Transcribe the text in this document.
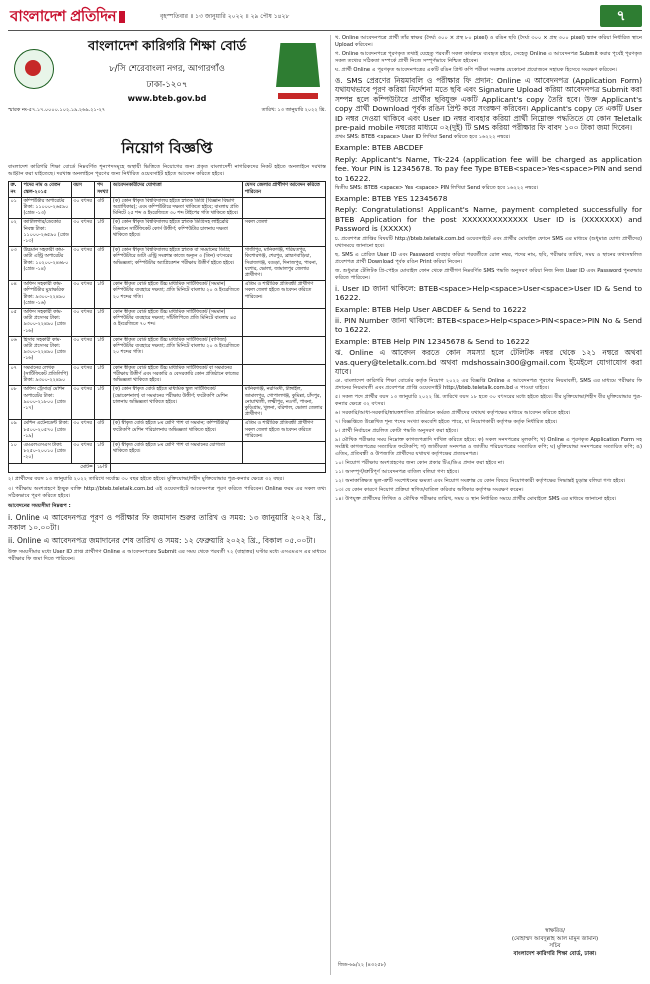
বাংলাদেশ প্রতিদিন	বৃহস্পতিবার ॥ ১৩ জানুয়ারি ২০২২ ॥ ২৯ পৌষ ১৪২৮	৭
বাংলাদেশ কারিগরি শিক্ষা বোর্ড
৮/সি শেরেবাংলা নগর, আগারগাঁও
ঢাকা-১২০৭
www.bteb.gov.bd
স্মারক নং-৫৭.১৭.০০০০.১০২.১৯.২৬৯.২১-২৭	তারিখ: ১৩ জানুয়ারি ২০২২ খ্রি.
নিয়োগ বিজ্ঞপ্তি
বাংলাদেশ কারিগরি শিক্ষা বোর্ডে নিম্নবর্ণিত শূন্যপদসমূহে অস্থায়ী ভিত্তিতে নিয়োগের জন্য প্রকৃত বাংলাদেশী নাগরিকদের নিকট হইতে অনলাইনে দরখাস্ত আহ্বান করা যাইতেছে। দরখাস্ত অনলাইনে পূরণের জন্য নির্ধারিত ওয়েবসাইট হইতে আবেদন করিতে হইবে।
ক্র. নং	পদের নাম ও বেতন স্কেল-২০১৫	বয়স	পদ সংখ্যা	আবেদনকারীদের যোগ্যতা	যেসব জেলার প্রার্থীগণ আবেদন করিতে পারিবেন
০১	কম্পিউটার অপারেটর টাকা: ১১০০০-২৬৫৯০ (গ্রেড -১৩)	৩০ বৎসর	৩টি	(ক) কোন স্বীকৃত বিশ্ববিদ্যালয় হইতে স্নাতক ডিগ্রি (বিজ্ঞান বিভাগ অগ্রাধিকার); এবং কম্পিউটারে দক্ষতা থাকিতে হইবে; বাংলায় প্রতি মিনিটে ২৫ শব্দ ও ইংরেজিতে ৩০ শব্দ টাইপের গতি থাকিতে হইবে।	
০২	ক্যাটালগার/ডেকোর নিবন্ধ টাকা: ১১০০০-২৬৫৯০ (গ্রেড -১৩)	৩০ বৎসর	১টি	(ক) কোন স্বীকৃত বিশ্ববিদ্যালয় হইতে স্নাতক ডিগ্রিসহ লাইব্রেরি বিজ্ঞানে সার্টিফিকেট কোর্স উত্তীর্ণ; কম্পিউটার চালনায় দক্ষতা থাকিতে হইবে।	সকল জেলা
০৩	উচ্চমান সহকারী কাম-ডাটা এন্ট্রি অপারেটর টাকা: ১০২০০-২৪৬৮০ (গ্রেড -১৪)	৩০ বৎসর	৩টি	(ক) কোন স্বীকৃত বিশ্ববিদ্যালয় হইতে স্নাতক বা সমমানের ডিগ্রি; কম্পিউটারে ডাটা এন্ট্রি সংক্রান্ত কাজে অন্যূন ৩ (তিন) বৎসরের অভিজ্ঞতা; কম্পিউটার অ্যাপ্লিকেশন পরীক্ষায় উত্তীর্ণ হইতে হইবে।	গাজীপুর, মানিকগঞ্জ, শরিয়তপুর, কিশোরগঞ্জ, শেরপুর, ব্রাহ্মণবাড়িয়া, সিরাজগঞ্জ, বগুড়া, দিনাজপুর, পাবনা, যশোর, ভোলা, জামালপুর জেলার প্রার্থীগণ।
০৪	অফিস সহকারী কাম-কম্পিউটার মুদ্রাক্ষরিক টাকা: ৯৩০০-২২৪৯০ (গ্রেড -১৬)	৩০ বৎসর	১টি	কোন স্বীকৃত বোর্ড হইতে উচ্চ মাধ্যমিক সার্টিফিকেট (সমমান) কম্পিউটার ব্যবহারে দক্ষতা; প্রতি মিনিটে বাংলায় ২০ ও ইংরেজিতে ২০ শব্দের গতি।	এতিম ও শারীরিক প্রতিবন্ধী প্রার্থীগণ সকল জেলা হইতে আবেদন করিতে পারিবেন।
০৫	অফিস সহকারী কাম-ডাটা প্রসেসর টাকা: ৯৩০০-২২৪৯০ (গ্রেড -১৬)	৩০ বৎসর	১টি	কোন স্বীকৃত বোর্ড হইতে উচ্চ মাধ্যমিক সার্টিফিকেট (সমমান) কম্পিউটার ব্যবহারে দক্ষতা; সাঁটলিপিতে প্রতি মিনিটে বাংলায় ৪৫ ও ইংরেজিতে ৭০ শব্দ।	
০৬	হিসাব সহকারী কাম-ডাটা প্রসেসর টাকা: ৯৩০০-২২৪৯০ (গ্রেড -১৬)	৩০ বৎসর	১টি	কোন স্বীকৃত বোর্ড হইতে উচ্চ মাধ্যমিক সার্টিফিকেট (বাণিজ্য) কম্পিউটার ব্যবহারে দক্ষতা; প্রতি মিনিটে বাংলায় ২০ ও ইংরেজিতে ২০ শব্দের গতি।	
০৭	সমমানের লেখক (সার্টিফিকেট প্রতিলিপি) টাকা: ৯৩০০-২২৪৯০	৩০ বৎসর	১টি	কোন স্বীকৃত বোর্ড হইতে উচ্চ মাধ্যমিক সার্টিফিকেট বা সমমানের পরীক্ষায় উত্তীর্ণ এবং সরকারি ও বেসরকারি কোন প্রতিষ্ঠানে কাজের অভিজ্ঞতা থাকিতে হইবে।	
০৮	অফিস ট্রেসার/ মেশিন অপারেটর টাকা: ৯০০০-২১৮০০ (গ্রেড -১৭)	৩০ বৎসর	১টি	(ক) কোন স্বীকৃত বোর্ড হইতে মাধ্যমিক স্কুল সার্টিফিকেট (ভোকেশনাল) বা সমমানের পরীক্ষায় উত্তীর্ণ; ফটোকপি মেশিন চালনায় অভিজ্ঞতা থাকিতে হইবে।	মানিকগঞ্জ, নরসিংদী, টাঙ্গাইল, জামালপুর, গোপালগঞ্জ, কুমিল্লা, চাঁদপুর, নোয়াখালী, লক্ষ্মীপুর, নওগাঁ, পাবনা, কুড়িগ্রাম, খুলনা, বরিশাল, ভোলা জেলার প্রার্থীগণ।
০৯	মেশিন এটেনডেন্ট টাকা: ৮৫০০-২০৫৭০ (গ্রেড -১৯)	৩০ বৎসর	৩টি	(ক) স্বীকৃত বোর্ড হইতে ৮ম শ্রেণি পাশ বা সমমান; কম্পিউটার/ফটোকপি মেশিন পরিচালনায় অভিজ্ঞতা থাকিতে হইবে।	এতিম ও শারীরিক প্রতিবন্ধী প্রার্থীগণ সকল জেলা হইতে আবেদন করিতে পারিবেন।
১০	এমএলএসএস টাকা: ৮২৫০-২০০১০ (গ্রেড -২০)	৩০ বৎসর	১টি	(ক) স্বীকৃত বোর্ড হইতে ৮ম শ্রেণি পাশ বা সমমানের যোগ্যতা থাকিতে হইবে।	
মোট=			১৮টি		
২। প্রার্থীদের বয়স ১৩ জানুয়ারি ২০২২ তারিখে সর্বোচ্চ ৩০ বছর হইতে হইবে। মুক্তিযোদ্ধা/শহীদ মুক্তিযোদ্ধার পুত্র-কন্যার ক্ষেত্রে ৩২ বছর।
৩। পরীক্ষায় অংশগ্রহণে ইচ্ছুক ব্যক্তি http://bteb.teletalk.com.bd এই ওয়েবসাইটে আবেদনপত্র পূরণ করিতে পারিবেন। Online ফরম এর সকল তথ্য সঠিকভাবে পূরণ করিতে হইবে।
আবেদনের সময়সীমা নিম্নরূপ :
i. Online এ আবেদনপত্র পূরণ ও পরীক্ষার ফি জমাদান শুরুর তারিখ ও সময়: ১৩ জানুয়ারি ২০২২ খ্রি., সকাল ১০.০০টা।
ii. Online এ আবেদনপত্র জমাদানের শেষ তারিখ ও সময়: ১২ ফেব্রুয়ারি ২০২২ খ্রি., বিকাল ০৫.০০টা।
উক্ত সময়সীমার মধ্যে User ID প্রাপ্ত প্রার্থীগণ Online এ আবেদনপত্রের Submit এর সময় থেকে পরবর্তী ৭২ (বাহাত্তর) ঘণ্টার মধ্যে এসএমএস এর মাধ্যমে পরীক্ষার ফি জমা দিতে পারিবেন।
খ. Online আবেদনপত্রে প্রার্থী তাঁর স্বাক্ষর (দৈর্ঘ্য ৩০০ × প্রস্থ ৮০ pixel) ও রঙিন ছবি (দৈর্ঘ্য ৩০০ × প্রস্থ ৩০০ pixel) স্ক্যান করিয়া নির্ধারিত স্থানে Upload করিবেন।
গ. Online আবেদনপত্রে পূরণকৃত তথ্যই যেহেতু পরবর্তী সকল কার্যক্রমে ব্যবহৃত হইবে, সেহেতু Online এ আবেদনপত্র Submit করার পূর্বেই পূরণকৃত সকল তথ্যের সঠিকতা সম্পর্কে প্রার্থী নিজে সম্পূর্ণভাবে নিশ্চিত হইবেন।
ঘ. প্রার্থী Online এ পূরণকৃত আবেদনপত্রের একটি রঙিন প্রিন্ট কপি পরীক্ষা সংক্রান্ত যেকোনো প্রয়োজনে সহায়ক হিসেবে সংরক্ষণ করিবেন।
ঙ. SMS প্রেরণের নিয়মাবলি ও পরীক্ষার ফি প্রদান: Online এ আবেদনপত্র (Application Form) যথাযথভাবে পূরণ করিয়া নির্দেশনা মতে ছবি এবং Signature Upload করিয়া আবেদনপত্র Submit করা সম্পন্ন হলে কম্পিউটারে প্রার্থীর ছবিযুক্ত একটি Applicant's copy তৈরি হবে। উক্ত Applicant's copy প্রার্থী Download পূর্বক রঙিন প্রিন্ট করে সংরক্ষণ করিবেন। Applicant's copy তে একটি User ID নম্বর দেওয়া থাকিবে এবং User ID নম্বর ব্যবহার করিয়া প্রার্থী নিম্নোক্ত পদ্ধতিতে যে কোন Teletalk pre-paid mobile নম্বরের মাধ্যমে ০২(দুই) টি SMS করিয়া পরীক্ষার ফি বাবদ ১০০ টাকা জমা দিবেন।
প্রথম SMS: BTEB <space> User ID লিখিয়া Send করিতে হবে ১৬২২২ নম্বরে।
Example: BTEB ABCDEF
Reply: Applicant's Name, Tk-224 (application fee will be charged as application fee. Your PIN is 12345678. To pay fee Type BTEB<space>Yes<space>PIN and send to 16222.
দ্বিতীয় SMS: BTEB <space> Yes <space> PIN লিখিয়া Send করিতে হবে ১৬২২২ নম্বরে।
Example: BTEB YES 12345678
Reply: Congratulations! Applicant's Name, payment completed successfully for BTEB Application for the post XXXXXXXXXXXXX User ID is (XXXXXXX) and Password is (XXXXX)
চ. প্রবেশপত্র প্রাপ্তির বিষয়টি http://bteb.teletalk.com.bd ওয়েবসাইটে এবং প্রার্থীর মোবাইল ফোনে SMS এর মাধ্যমে (শুধুমাত্র যোগ্য প্রার্থীদের) যথাসময়ে জানানো হবে।
ছ. SMS এ প্রেরিত User ID এবং Password ব্যবহার করিয়া পরবর্তীতে রোল নম্বর, পদের নাম, ছবি, পরীক্ষার তারিখ, সময় ও স্থানের তথ্যসম্বলিত প্রবেশপত্র প্রার্থী Download পূর্বক রঙিন Print করিয়া নিবেন।
জ. শুধুমাত্র টেলিটক প্রি-পেইড মোবাইল ফোন থেকে প্রার্থীগণ নিম্নবর্ণিত SMS পদ্ধতি অনুসরণ করিয়া নিজ নিজ User ID এবং Password পুনরুদ্ধার করিতে পারিবেন।
i. User ID জানা থাকিলে: BTEB<space>Help<space>User<space>User ID & Send to 16222.
Example: BTEB Help User ABCDEF & Send to 16222
ii. PIN Number জানা থাকিলে: BTEB<space>Help<space>PIN<space>PIN No & Send to 16222.
Example: BTEB Help PIN 12345678 & Send to 16222
ঝ. Online এ আবেদন করতে কোন সমস্যা হলে টেলিটক নম্বর থেকে ১২১ নম্বরে অথবা vas.query@teletalk.com.bd অথবা mdshossain300@gmail.com ইমেইলে যোগাযোগ করা যাবে।
ঞ. বাংলাদেশ কারিগরি শিক্ষা বোর্ডের কর্তৃক নিয়োগ ২০২২ এর বিজ্ঞপ্তি Online এ আবেদনপত্র পূরণের নিয়মাবলী, SMS এর মাধ্যমে পরীক্ষার ফি প্রদানের নিয়মাবলী এবং প্রবেশপত্র প্রাপ্তি ওয়েবসাইট http://bteb.teletalk.com.bd এ পাওয়া যাইবে।
৫। সকল পদে প্রার্থীর বয়স ১৩ জানুয়ারি ২০২২ খ্রি. তারিখে বয়স ১৮ হতে ৩০ বৎসরের মধ্যে হইতে হইবে। বীর মুক্তিযোদ্ধা/শহীদ বীর মুক্তিযোদ্ধার পুত্র-কন্যার ক্ষেত্রে ৩২ বৎসর।
৬। সরকারি/আধা-সরকারি/স্বায়ত্তশাসিত প্রতিষ্ঠানে কর্মরত প্রার্থীদের যথাযথ কর্তৃপক্ষের মাধ্যমে আবেদন করিতে হইবে।
৭। বিজ্ঞপ্তিতে উল্লেখিত শূন্য পদের সংখ্যা কমবেশি হইতে পারে, যা নিয়োগকারী কর্তৃপক্ষ কর্তৃক নির্ধারিত হইবে।
৮। প্রার্থী নির্বাচনে প্রচলিত কোটা পদ্ধতি অনুসরণ করা হইবে।
৯। মৌখিক পরীক্ষার সময় নিম্নোক্ত কাগজপত্রাদি দাখিল করিতে হইবে: ক) সকল সনদপত্রের মূলকপি; খ) Online এ পূরণকৃত Application Form সহ সংশ্লিষ্ট কাগজপত্রের সত্যায়িত ফটোকপি; গ) জাতীয়তা সনদপত্র ও জাতীয় পরিচয়পত্রের সত্যায়িত কপি; ঘ) মুক্তিযোদ্ধা সনদপত্রের সত্যায়িত কপি; ঙ) এতিম, প্রতিবন্ধী ও উপজাতি প্রার্থীদের যথাযথ কর্তৃপক্ষের প্রত্যয়নপত্র।
১০। নিয়োগ পরীক্ষায় অংশগ্রহণের জন্য কোন প্রকার টিএ/ডিএ প্রদান করা হইবে না।
১১। অসম্পূর্ণ/ত্রুটিপূর্ণ আবেদনপত্র বাতিল বলিয়া গণ্য হইবে।
১২। অনাকাঙ্ক্ষিত ভুল-ত্রুটি সংশোধনের ক্ষমতা এবং নিয়োগ সংক্রান্ত যে কোন বিষয়ে নিয়োগকারী কর্তৃপক্ষের সিদ্ধান্তই চূড়ান্ত বলিয়া গণ্য হইবে।
১৩। যে কোন কারণে নিয়োগ প্রক্রিয়া স্থগিত/বাতিল করিবার অধিকার কর্তৃপক্ষ সংরক্ষণ করেন।
১৪। উপযুক্ত প্রার্থীদের লিখিত ও মৌখিক পরীক্ষার তারিখ, সময় ও স্থান নির্ধারিত সময়ে প্রার্থীর মোবাইলে SMS এর মাধ্যমে জানানো হইবে।
স্বাক্ষরিত/
(মোহাম্মদ আবদুল্লাহ আল মামুন জামান)
সচিব
বাংলাদেশ কারিগরি শিক্ষা বোর্ড, ঢাকা।
জিড-৬৯/২২ (৪৩২৫৮)
